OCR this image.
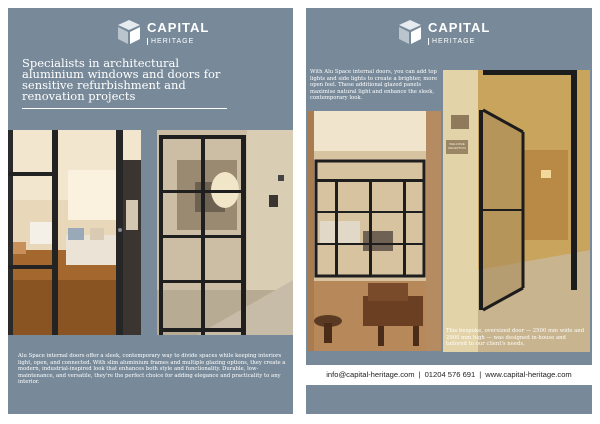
CAPITAL
HERITAGE
Specialists in architectural aluminium windows and doors for sensitive refurbishment and renovation projects
Alu Space internal doors offer a sleek, contemporary way to divide spaces while keeping interiors light, open, and connected. With slim aluminium frames and multiple glazing options, they create a modern, industrial-inspired look that enhances both style and functionality. Durable, low-maintenance, and versatile, they're the perfect choice for adding elegance and practicality to any interior.
CAPITAL
HERITAGE
With Alu Space internal doors, you can add top lights and side lights to create a brighter, more open feel. These additional glazed panels maximise natural light and enhance the sleek, contemporary look.
WELCOME RECEPTION
This bespoke, oversized door — 2500 mm wide and 2900 mm high — was designed in-house and tailored to our client's needs.
info@capital-heritage.com | 01204 576 691 | www.capital-heritage.com
